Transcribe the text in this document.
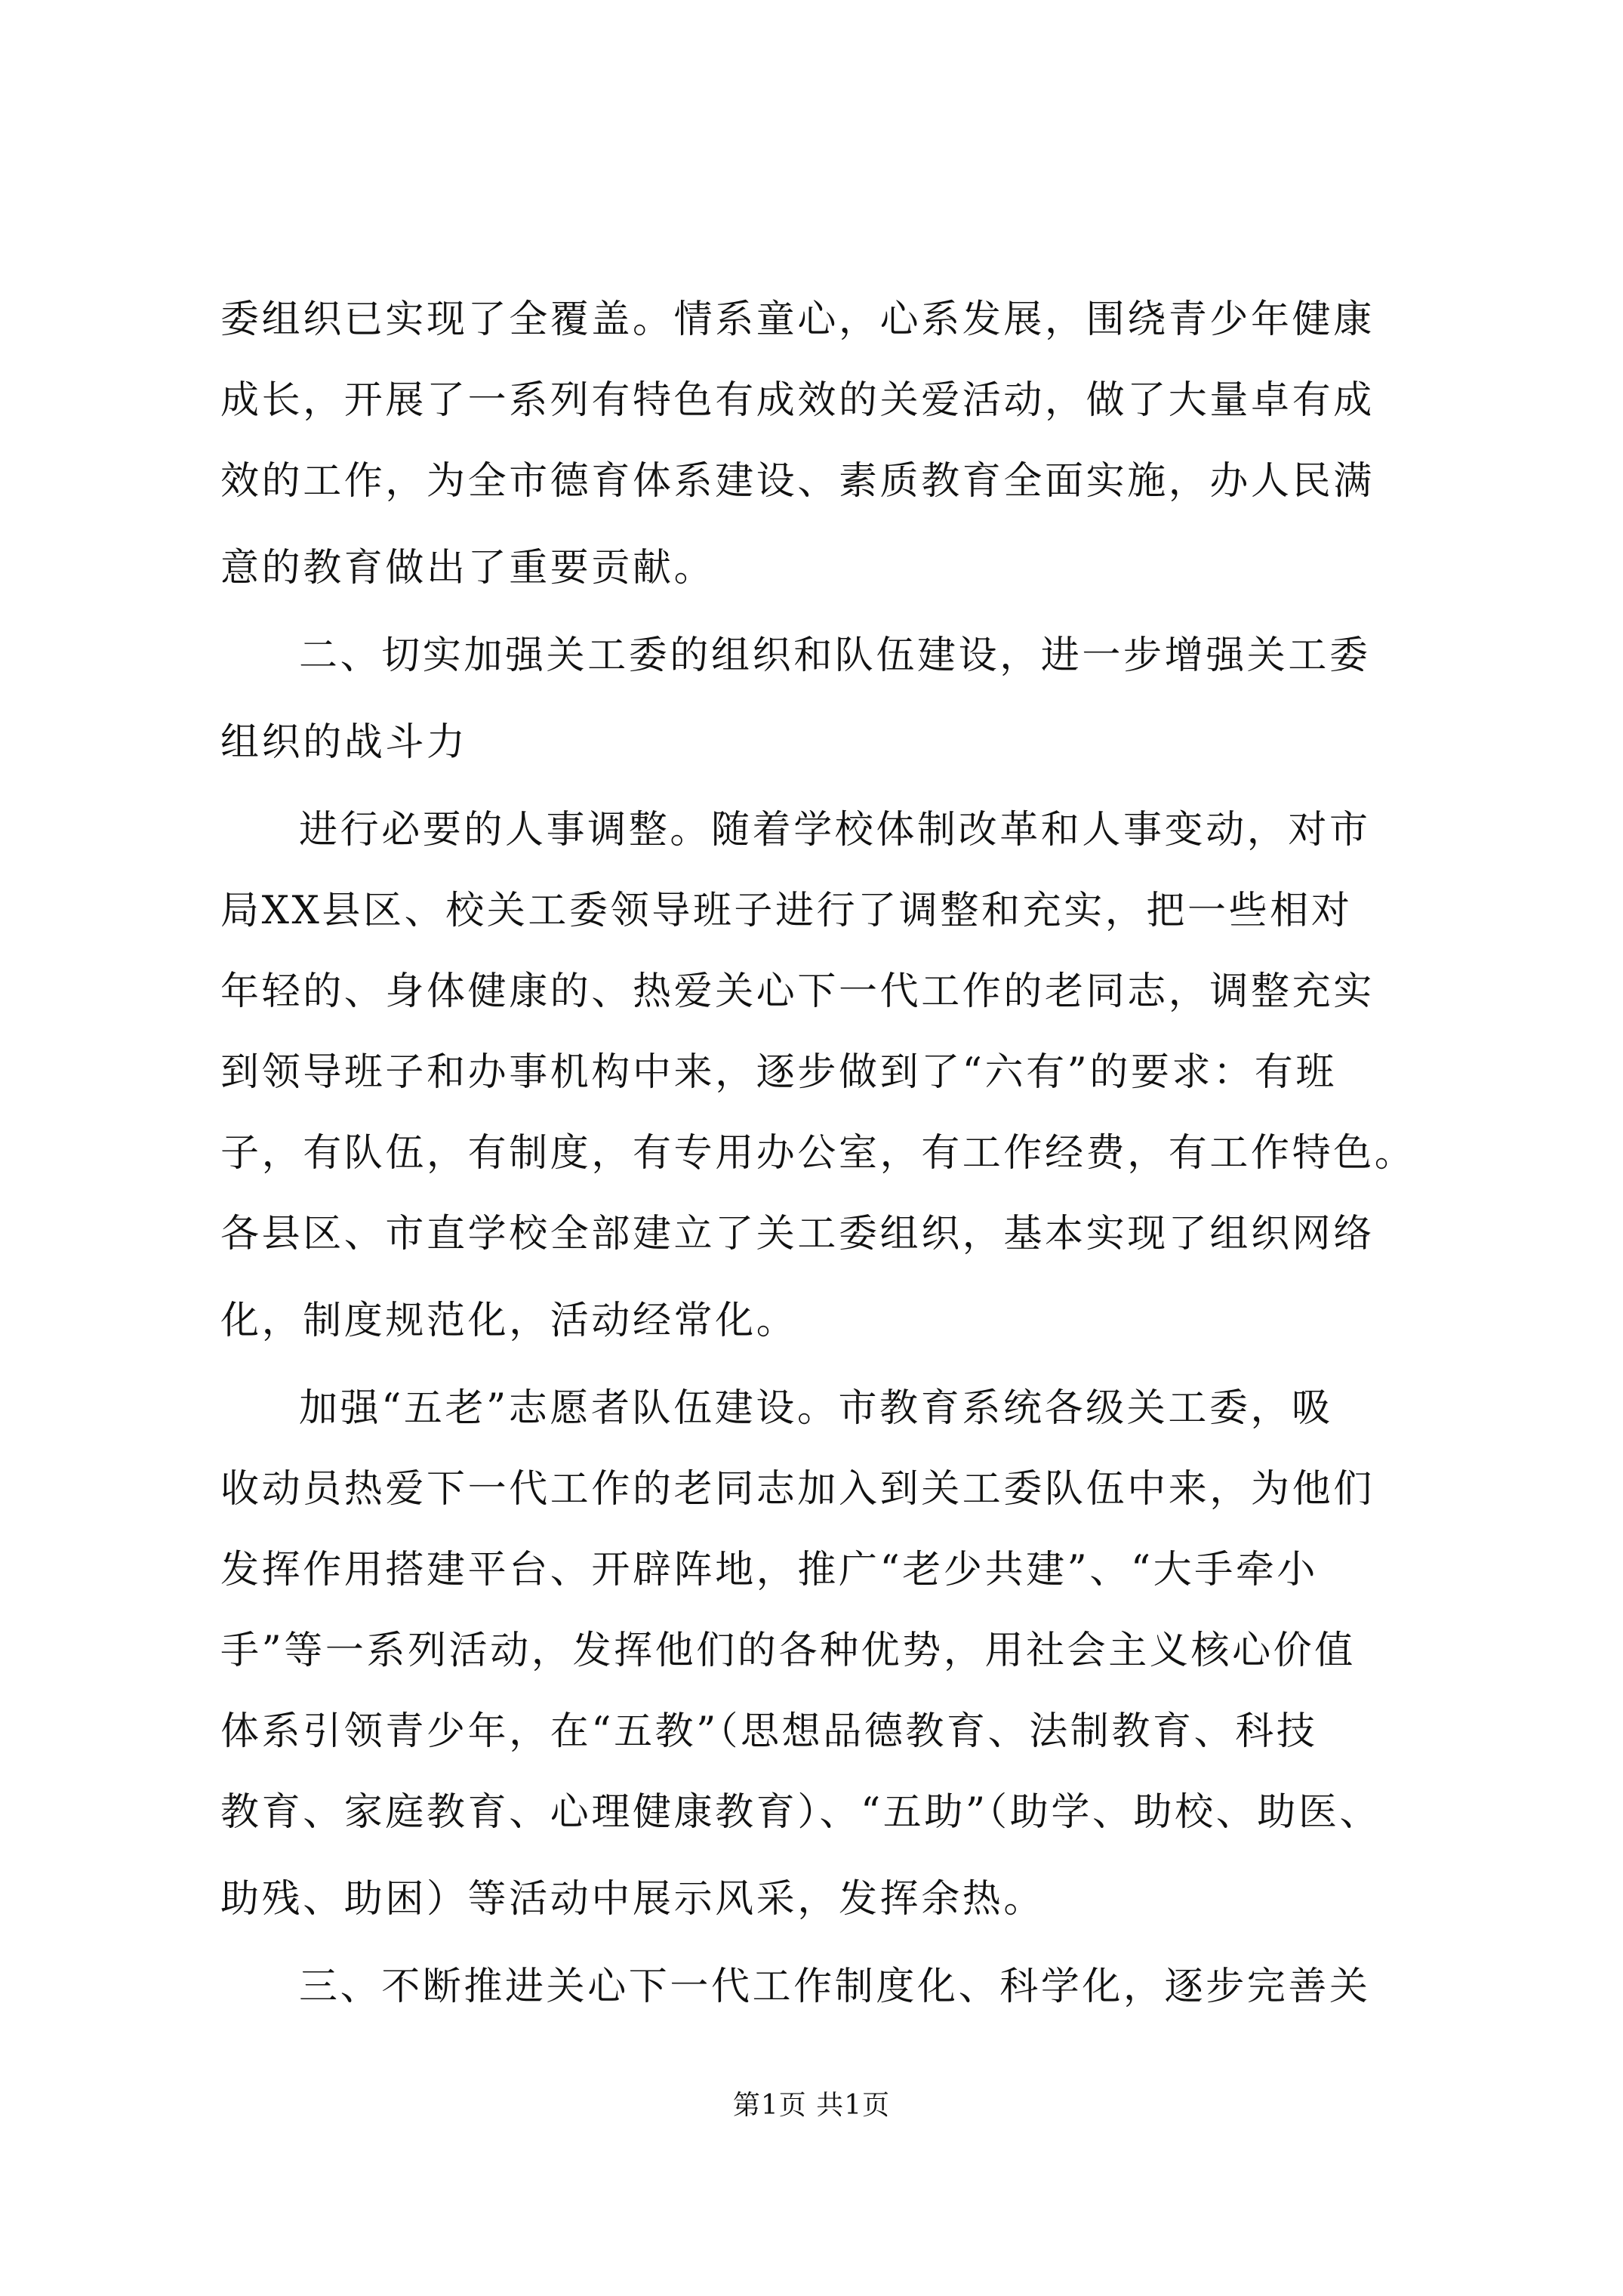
委组织已实现了全覆盖。情系童心，心系发展，围绕青少年健康
成长，开展了一系列有特色有成效的关爱活动，做了大量卓有成
效的工作，为全市德育体系建设、素质教育全面实施，办人民满
意的教育做出了重要贡献。
二、切实加强关工委的组织和队伍建设，进一步增强关工委
组织的战斗力
进行必要的人事调整。随着学校体制改革和人事变动，对市
局XX县区、校关工委领导班子进行了调整和充实，把一些相对
年轻的、身体健康的、热爱关心下一代工作的老同志，调整充实
到领导班子和办事机构中来，逐步做到了“六有”的要求：有班
子，有队伍，有制度，有专用办公室，有工作经费，有工作特色。
各县区、市直学校全部建立了关工委组织，基本实现了组织网络
化，制度规范化，活动经常化。
加强“五老”志愿者队伍建设。市教育系统各级关工委，吸
收动员热爱下一代工作的老同志加入到关工委队伍中来，为他们
发挥作用搭建平台、开辟阵地，推广“老少共建”、“大手牵小
手”等一系列活动，发挥他们的各种优势，用社会主义核心价值
体系引领青少年，在“五教”（思想品德教育、法制教育、科技
教育、家庭教育、心理健康教育）、“五助”（助学、助校、助医、
助残、助困）等活动中展示风采，发挥余热。
三、不断推进关心下一代工作制度化、科学化，逐步完善关
第1页 共1页
